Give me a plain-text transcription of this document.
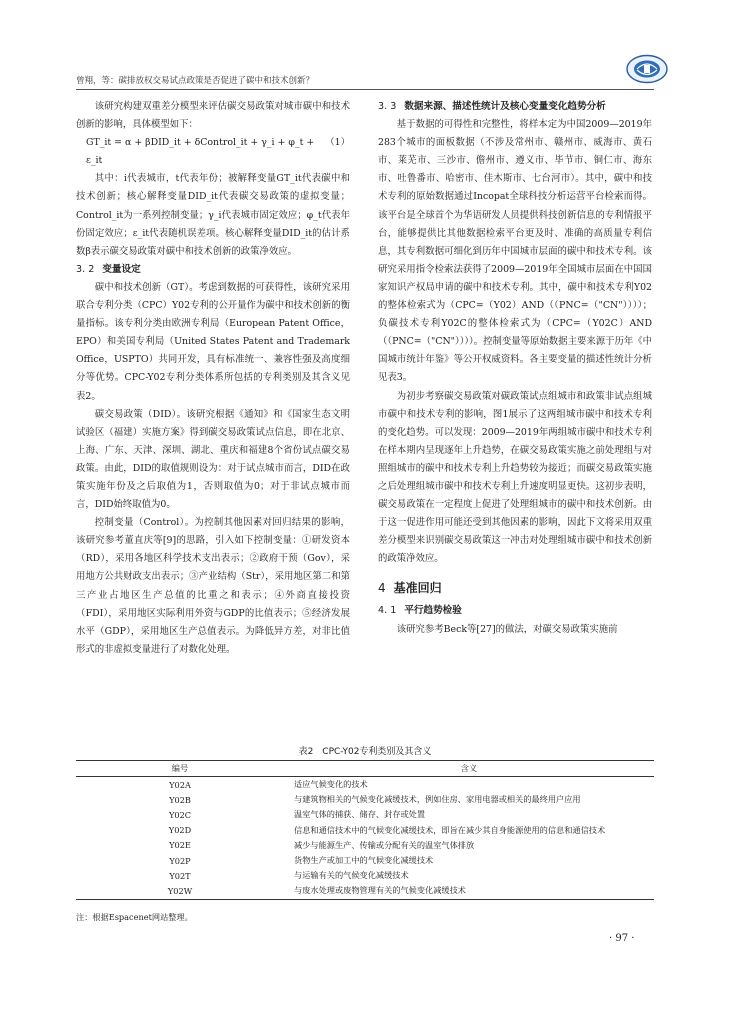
曾翔，等：碳排放权交易试点政策是否促进了碳中和技术创新？

该研究构建双重差分模型来评估碳交易政策对城市碳中和技术创新的影响，具体模型如下：

（1）
GT_it = α + βDID_it + δControl_it + γ_i + φ_t + ε_it

其中：i代表城市，t代表年份；被解释变量GT_it代表碳中和技术创新；核心解释变量DID_it代表碳交易政策的虚拟变量；Control_it为一系列控制变量；γ_i代表城市固定效应；φ_t代表年份固定效应；ε_it代表随机误差项。核心解释变量DID_it的估计系数β表示碳交易政策对碳中和技术创新的政策净效应。

3. 2 变量设定

碳中和技术创新（GT）。考虑到数据的可获得性，该研究采用联合专利分类（CPC）Y02专利的公开量作为碳中和技术创新的衡量指标。该专利分类由欧洲专利局（European Patent Office，EPO）和美国专利局（United States Patent and Trademark Office，USPTO）共同开发，具有标准统一、兼容性强及高度细分等优势。CPC-Y02专利分类体系所包括的专利类别及其含义见表2。

碳交易政策（DID）。该研究根据《通知》和《国家生态文明试验区（福建）实施方案》得到碳交易政策试点信息，即在北京、上海、广东、天津、深圳、湖北、重庆和福建8个省份试点碳交易政策。由此，DID的取值规则设为：对于试点城市而言，DID在政策实施年份及之后取值为1，否则取值为0；对于非试点城市而言，DID始终取值为0。

控制变量（Control）。为控制其他因素对回归结果的影响，该研究参考董直庆等[9]的思路，引入如下控制变量：①研发资本（RD），采用各地区科学技术支出表示；②政府干预（Gov），采用地方公共财政支出表示；③产业结构（Str），采用地区第二和第三产业占地区生产总值的比重之和表示；④外商直接投资（FDI），采用地区实际利用外资与GDP的比值表示；⑤经济发展水平（GDP），采用地区生产总值表示。为降低异方差，对非比值形式的非虚拟变量进行了对数化处理。

3. 3 数据来源、描述性统计及核心变量变化趋势分析

基于数据的可得性和完整性，将样本定为中国2009—2019年283个城市的面板数据（不涉及常州市、赣州市、威海市、黄石市、莱芜市、三沙市、儋州市、遵义市、毕节市、铜仁市、海东市、吐鲁番市、哈密市、佳木斯市、七台河市）。其中，碳中和技术专利的原始数据通过Incopat全球科技分析运营平台检索而得。该平台是全球首个为华语研发人员提供科技创新信息的专利情报平台，能够提供比其他数据检索平台更及时、准确的高质量专利信息，其专利数据可细化到历年中国城市层面的碳中和技术专利。该研究采用指令检索法获得了2009—2019年全国城市层面在中国国家知识产权局申请的碳中和技术专利。其中，碳中和技术专利Y02的整体检索式为（CPC=（Y02）AND（（PNC=（"CN"））））；负碳技术专利Y02C的整体检索式为（CPC=（Y02C）AND（（PNC=（"CN"））））。控制变量等原始数据主要来源于历年《中国城市统计年鉴》等公开权威资料。各主要变量的描述性统计分析见表3。

为初步考察碳交易政策对碳政策试点组城市和政策非试点组城市碳中和技术专利的影响，图1展示了这两组城市碳中和技术专利的变化趋势。可以发现：2009—2019年两组城市碳中和技术专利在样本期内呈现逐年上升趋势，在碳交易政策实施之前处理组与对照组城市的碳中和技术专利上升趋势较为接近；而碳交易政策实施之后处理组城市碳中和技术专利上升速度明显更快。这初步表明，碳交易政策在一定程度上促进了处理组城市的碳中和技术创新。由于这一促进作用可能还受到其他因素的影响，因此下文将采用双重差分模型来识别碳交易政策这一冲击对处理组城市碳中和技术创新的政策净效应。

4 基准回归

4. 1 平行趋势检验

该研究参考Beck等[27]的做法，对碳交易政策实施前

表2　CPC-Y02专利类别及其含义
编号	含义
Y02A	适应气候变化的技术
Y02B	与建筑物相关的气候变化减缓技术，例如住房、家用电器或相关的最终用户应用
Y02C	温室气体的捕获、储存、封存或处置
Y02D	信息和通信技术中的气候变化减缓技术，即旨在减少其自身能源使用的信息和通信技术
Y02E	减少与能源生产、传输或分配有关的温室气体排放
Y02P	货物生产或加工中的气候变化减缓技术
Y02T	与运输有关的气候变化减缓技术
Y02W	与废水处理或废物管理有关的气候变化减缓技术
注：根据Espacenet网站整理。
· 97 ·
